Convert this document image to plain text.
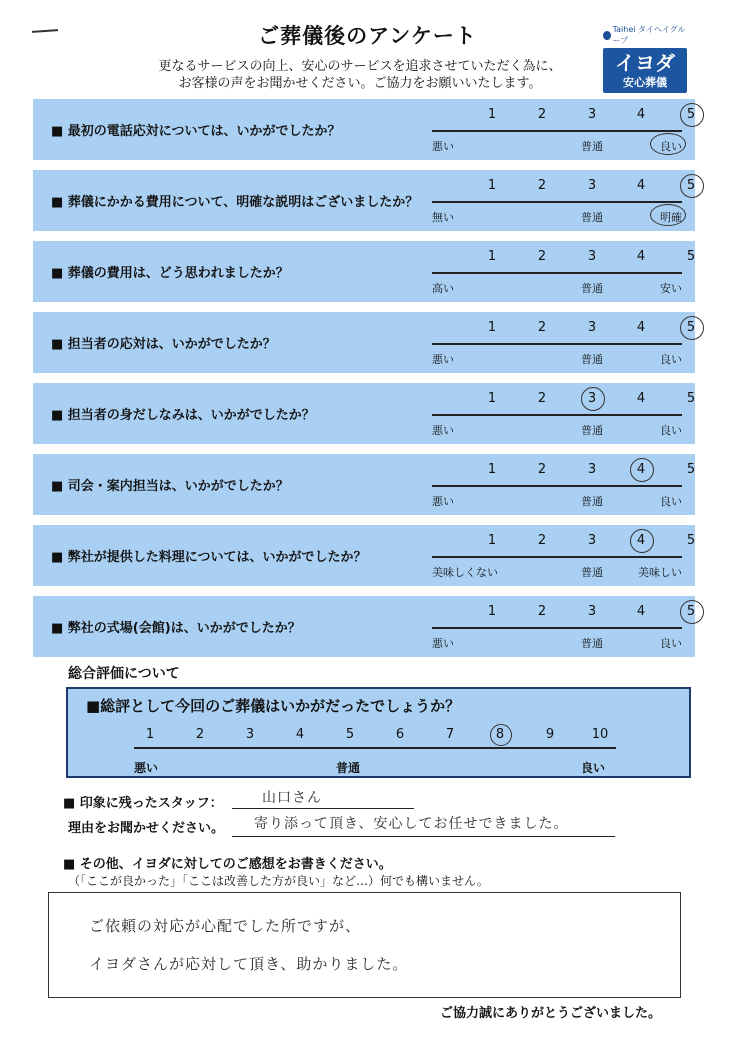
ご葬儀後のアンケート
更なるサービスの向上、安心のサービスを追求させていただく為に、
お客様の声をお聞かせください。ご協力をお願いいたします。
Taihei タイヘイグループ
イヨダ
安心葬儀
■ 最初の電話応対については、いかがでしたか？
1	2	3	4	5
悪い	普通	良い
■ 葬儀にかかる費用について、明確な説明はございましたか？
1	2	3	4	5
無い	普通	明確
■ 葬儀の費用は、どう思われましたか？
1	2	3	4	5
高い	普通	安い
■ 担当者の応対は、いかがでしたか？
1	2	3	4	5
悪い	普通	良い
■ 担当者の身だしなみは、いかがでしたか？
1	2	3	4	5
悪い	普通	良い
■ 司会・案内担当は、いかがでしたか？
1	2	3	4	5
悪い	普通	良い
■ 弊社が提供した料理については、いかがでしたか？
1	2	3	4	5
美味しくない	普通	美味しい
■ 弊社の式場(会館)は、いかがでしたか？
1	2	3	4	5
悪い	普通	良い
総合評価について
■総評として今回のご葬儀はいかがだったでしょうか？
悪い	普通	良い
1	2	3	4	5	6	7	8	9	10
■ 印象に残ったスタッフ：	山口さん
理由をお聞かせください。 寄り添って頂き、安心してお任せできました。
■ その他、イヨダに対してのご感想をお書きください。
（「ここが良かった」「ここは改善した方が良い」など…）何でも構いません。
ご依頼の対応が心配でした所ですが、
イヨダさんが応対して頂き、助かりました。
ご協力誠にありがとうございました。
